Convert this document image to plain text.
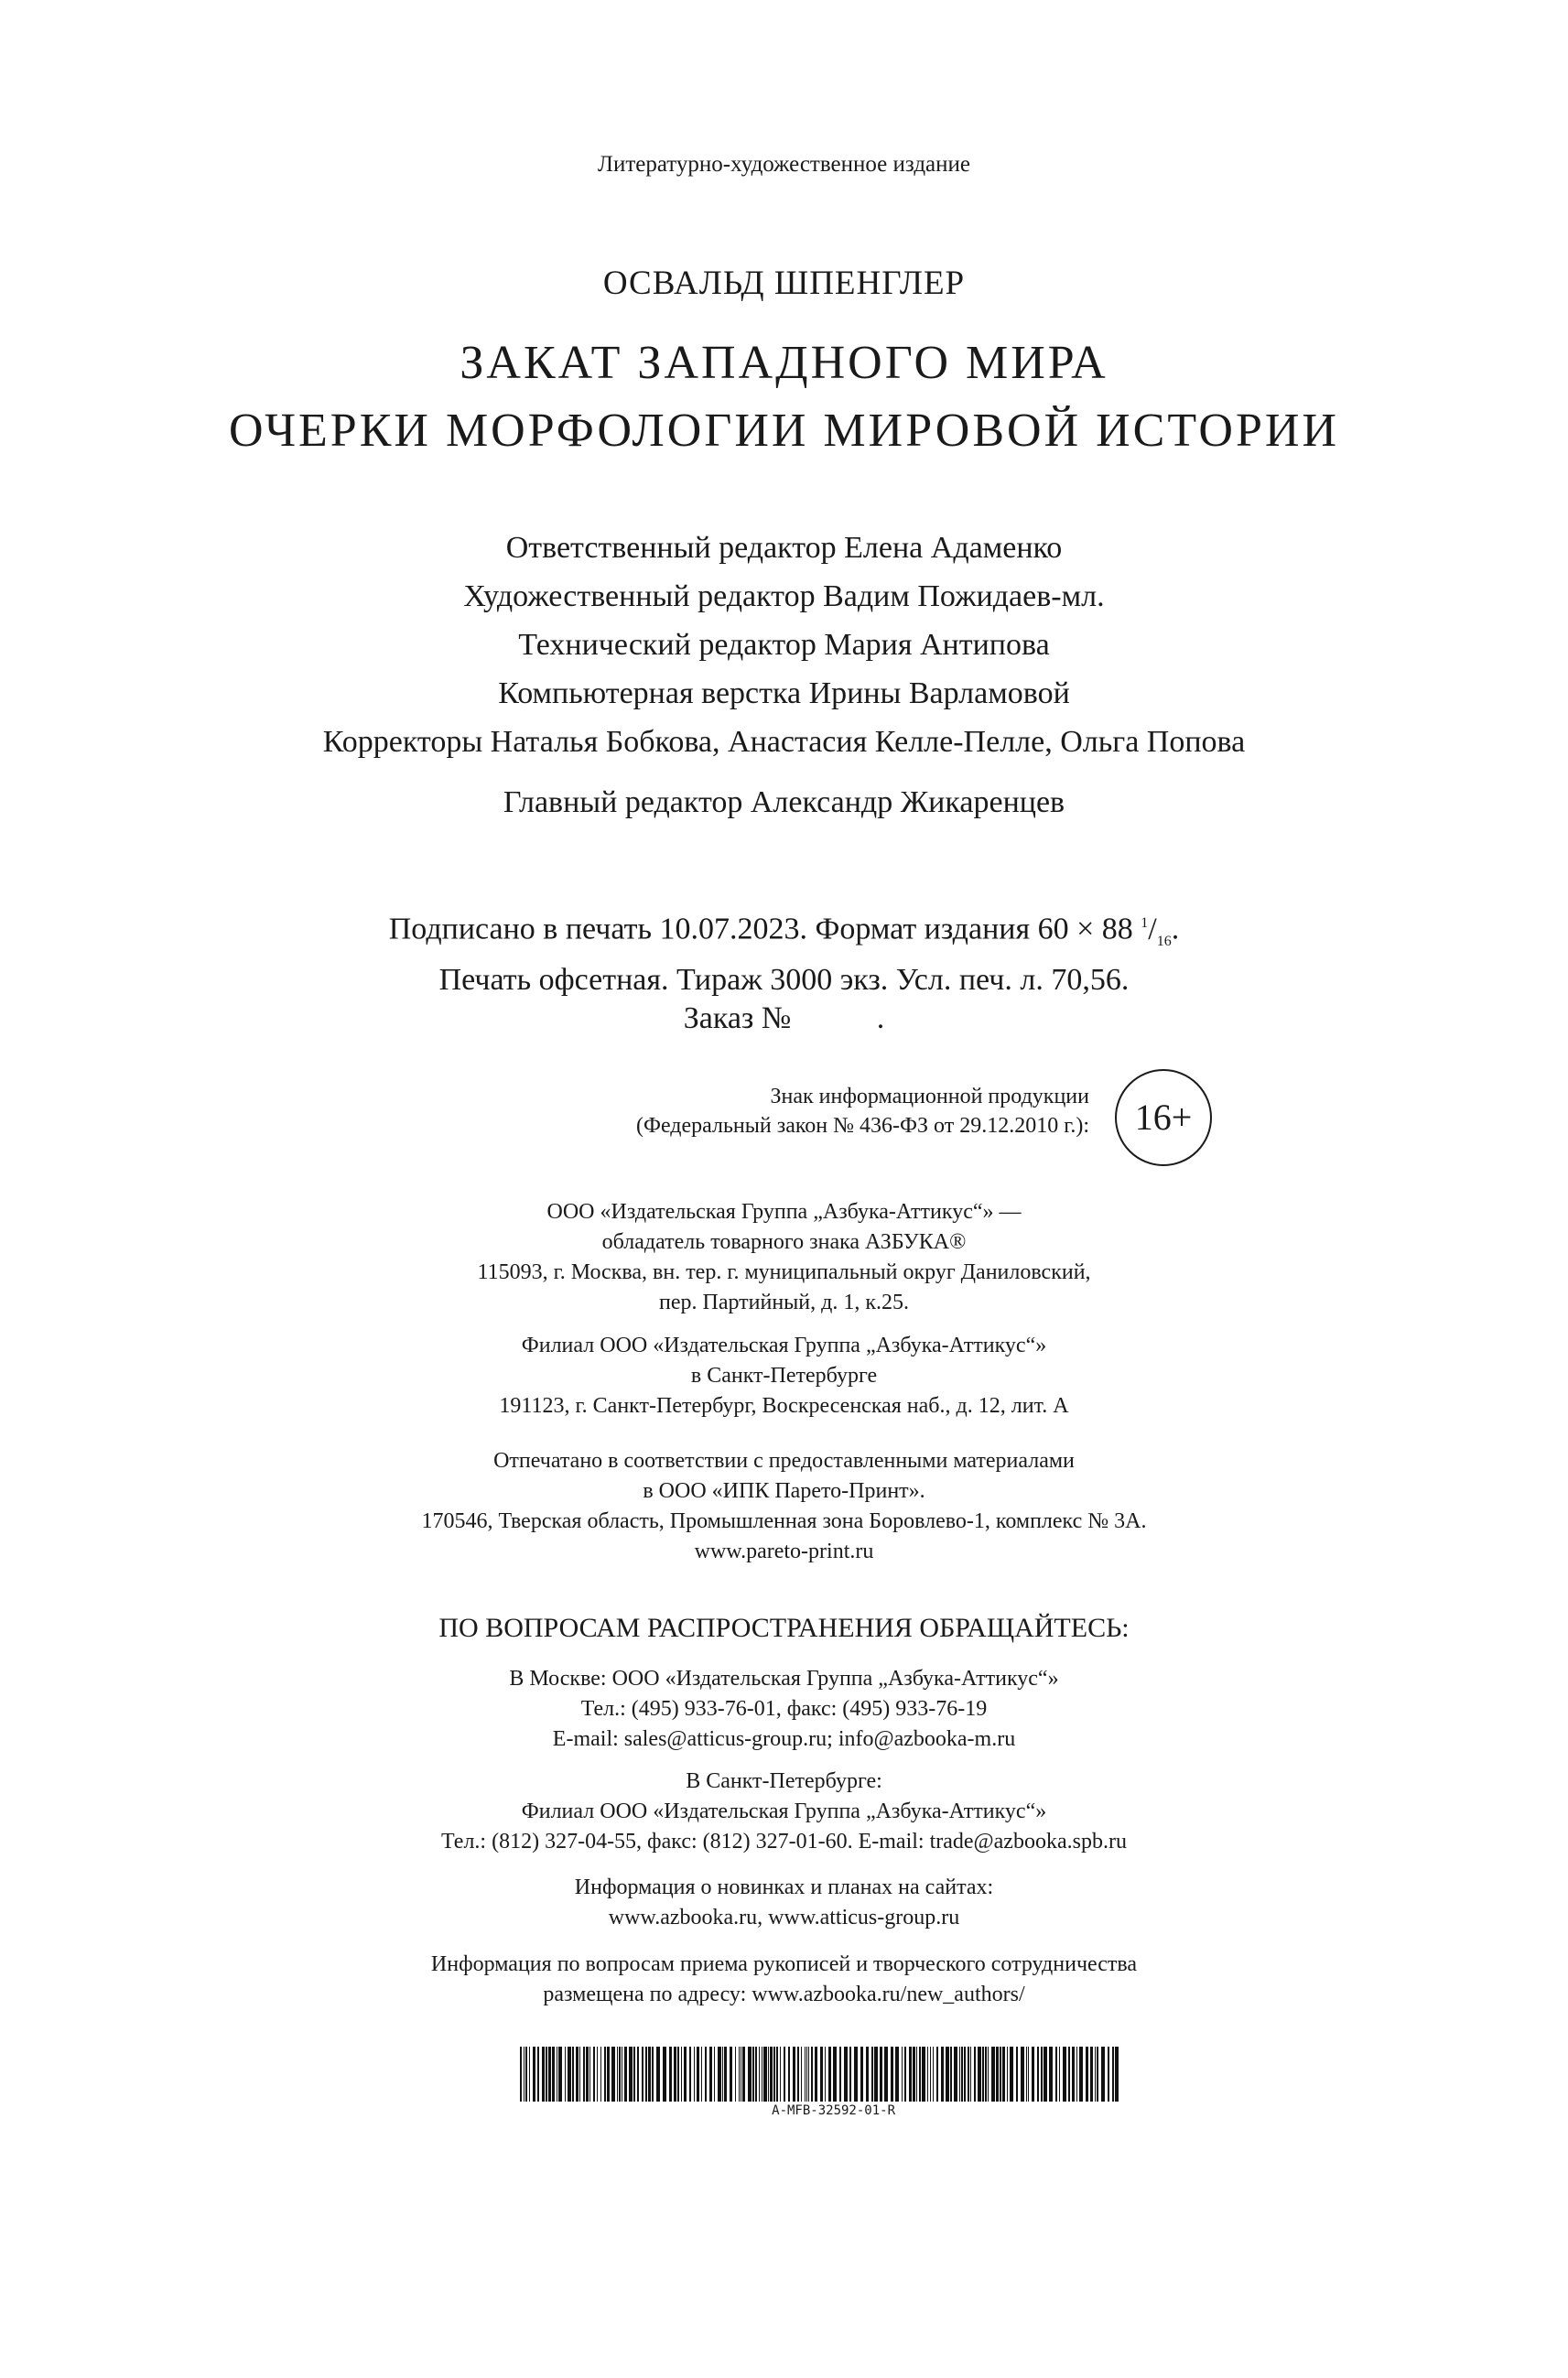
Литературно-художественное издание
ОСВАЛЬД ШПЕНГЛЕР
ЗАКАТ ЗАПАДНОГО МИРА
ОЧЕРКИ МОРФОЛОГИИ МИРОВОЙ ИСТОРИИ
Ответственный редактор Елена Адаменко
Художественный редактор Вадим Пожидаев-мл.
Технический редактор Мария Антипова
Компьютерная верстка Ирины Варламовой
Корректоры Наталья Бобкова, Анастасия Келле-Пелле, Ольга Попова
Главный редактор Александр Жикаренцев
Подписано в печать 10.07.2023. Формат издания 60 × 88 $^1/_{16}$.
Печать офсетная. Тираж 3000 экз. Усл. печ. л. 70,56.
Заказ №           .
Знак информационной продукции
(Федеральный закон № 436-ФЗ от 29.12.2010 г.):	16+
ООО «Издательская Группа „Азбука-Аттикус“» —
обладатель товарного знака АЗБУКА®
115093, г. Москва, вн. тер. г. муниципальный округ Даниловский,
пер. Партийный, д. 1, к.25.
Филиал ООО «Издательская Группа „Азбука-Аттикус“»
в Санкт-Петербурге
191123, г. Санкт-Петербург, Воскресенская наб., д. 12, лит. А
Отпечатано в соответствии с предоставленными материалами
в ООО «ИПК Парето-Принт».
170546, Тверская область, Промышленная зона Боровлево-1, комплекс № 3А.
www.pareto-print.ru
ПО ВОПРОСАМ РАСПРОСТРАНЕНИЯ ОБРАЩАЙТЕСЬ:
В Москве: ООО «Издательская Группа „Азбука-Аттикус“»
Тел.: (495) 933-76-01, факс: (495) 933-76-19
E-mail: sales@atticus-group.ru; info@azbooka-m.ru
В Санкт-Петербурге:
Филиал ООО «Издательская Группа „Азбука-Аттикус“»
Тел.: (812) 327-04-55, факс: (812) 327-01-60. E-mail: trade@azbooka.spb.ru
Информация о новинках и планах на сайтах:
www.azbooka.ru, www.atticus-group.ru
Информация по вопросам приема рукописей и творческого сотрудничества
размещена по адресу: www.azbooka.ru/new_authors/
A-MFB-32592-01-R
